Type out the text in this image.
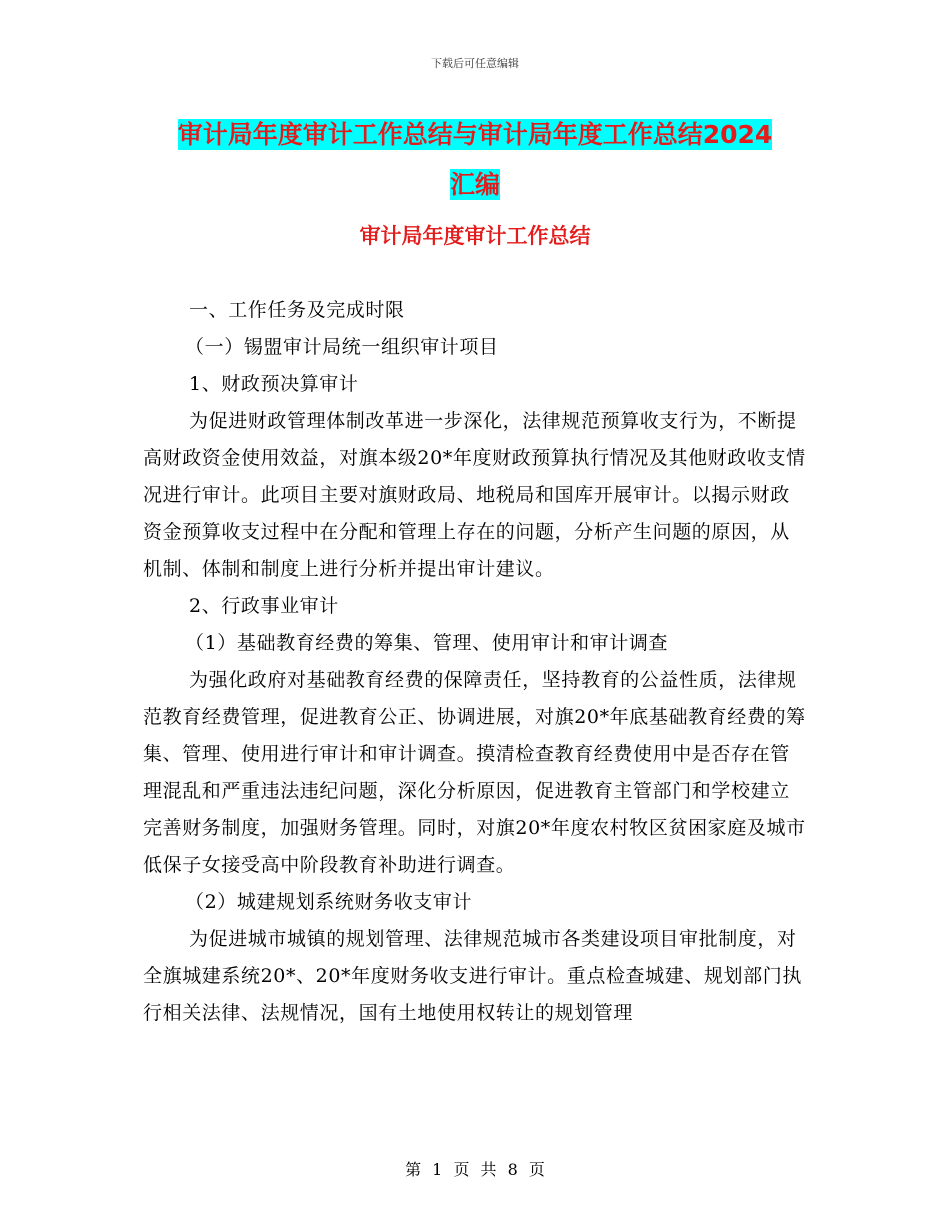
下载后可任意编辑
审计局年度审计工作总结与审计局年度工作总结2024
汇编
审计局年度审计工作总结

一、工作任务及完成时限

（一）锡盟审计局统一组织审计项目

1、财政预决算审计

为促进财政管理体制改革进一步深化，法律规范预算收支行为，不断提高财政资金使用效益，对旗本级20*年度财政预算执行情况及其他财政收支情况进行审计。此项目主要对旗财政局、地税局和国库开展审计。以揭示财政资金预算收支过程中在分配和管理上存在的问题，分析产生问题的原因，从机制、体制和制度上进行分析并提出审计建议。

2、行政事业审计

（1）基础教育经费的筹集、管理、使用审计和审计调查

为强化政府对基础教育经费的保障责任，坚持教育的公益性质，法律规范教育经费管理，促进教育公正、协调进展，对旗20*年底基础教育经费的筹集、管理、使用进行审计和审计调查。摸清检查教育经费使用中是否存在管理混乱和严重违法违纪问题，深化分析原因，促进教育主管部门和学校建立完善财务制度，加强财务管理。同时，对旗20*年度农村牧区贫困家庭及城市低保子女接受高中阶段教育补助进行调查。

（2）城建规划系统财务收支审计

为促进城市城镇的规划管理、法律规范城市各类建设项目审批制度，对全旗城建系统20*、20*年度财务收支进行审计。重点检查城建、规划部门执行相关法律、法规情况，国有土地使用权转让的规划管理

第 1 页 共 8 页
